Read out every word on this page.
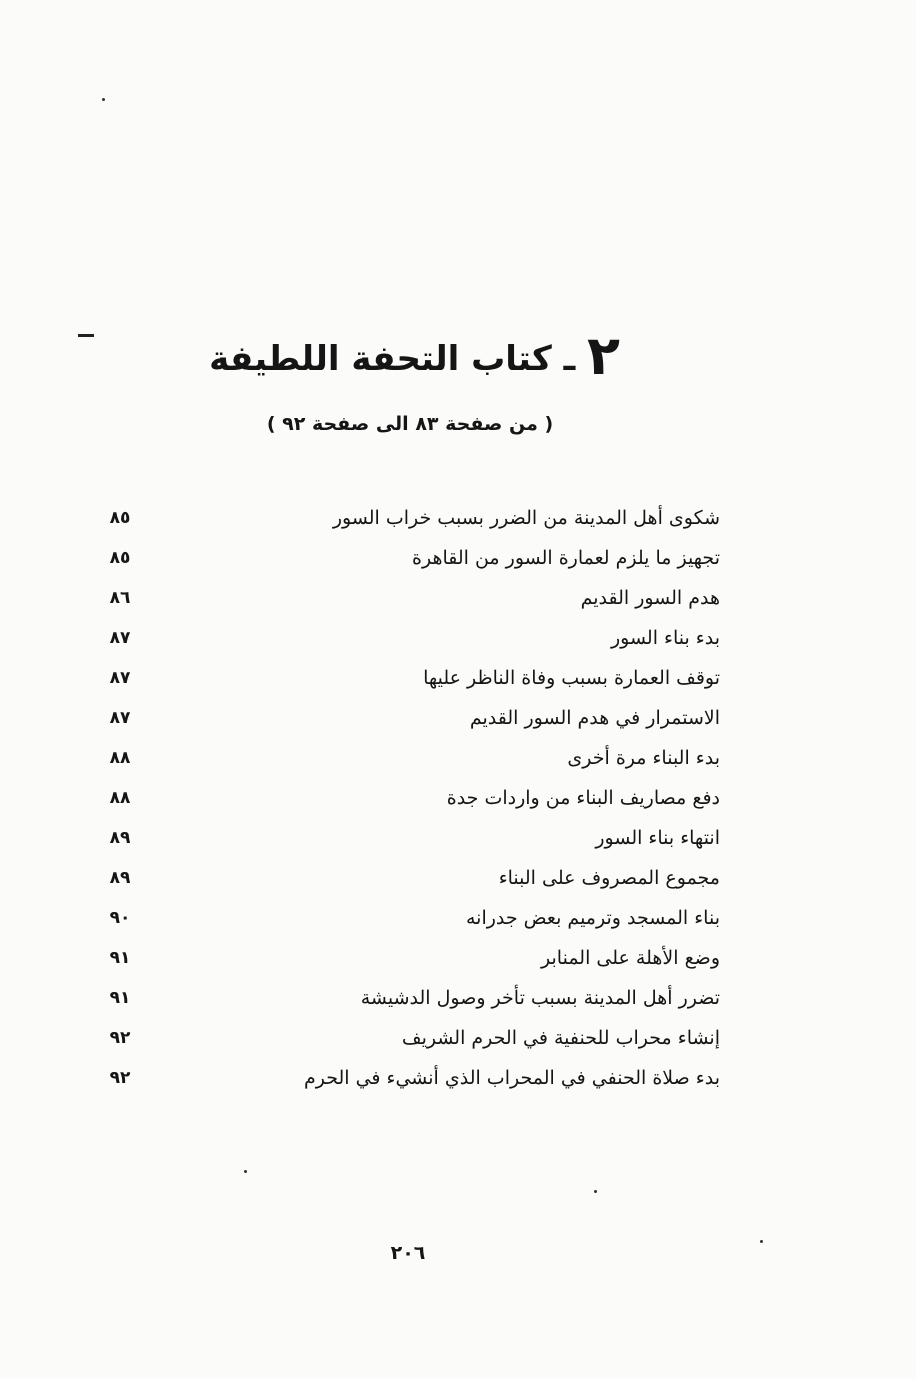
٢ ـ كتاب التحفة اللطيفة
( من صفحة ٨٣ الى صفحة ٩٢ )
شكوى أهل المدينة من الضرر بسبب خراب السور
٨٥
تجهيز ما يلزم لعمارة السور من القاهرة
٨٥
هدم السور القديم
٨٦
بدء بناء السور
٨٧
توقف العمارة بسبب وفاة الناظر عليها
٨٧
الاستمرار في هدم السور القديم
٨٧
بدء البناء مرة أخرى
٨٨
دفع مصاريف البناء من واردات جدة
٨٨
انتهاء بناء السور
٨٩
مجموع المصروف على البناء
٨٩
بناء المسجد وترميم بعض جدرانه
٩٠
وضع الأهلة على المنابر
٩١
تضرر أهل المدينة بسبب تأخر وصول الدشيشة
٩١
إنشاء محراب للحنفية في الحرم الشريف
٩٢
بدء صلاة الحنفي في المحراب الذي أنشيء في الحرم
٩٢
٢٠٦
